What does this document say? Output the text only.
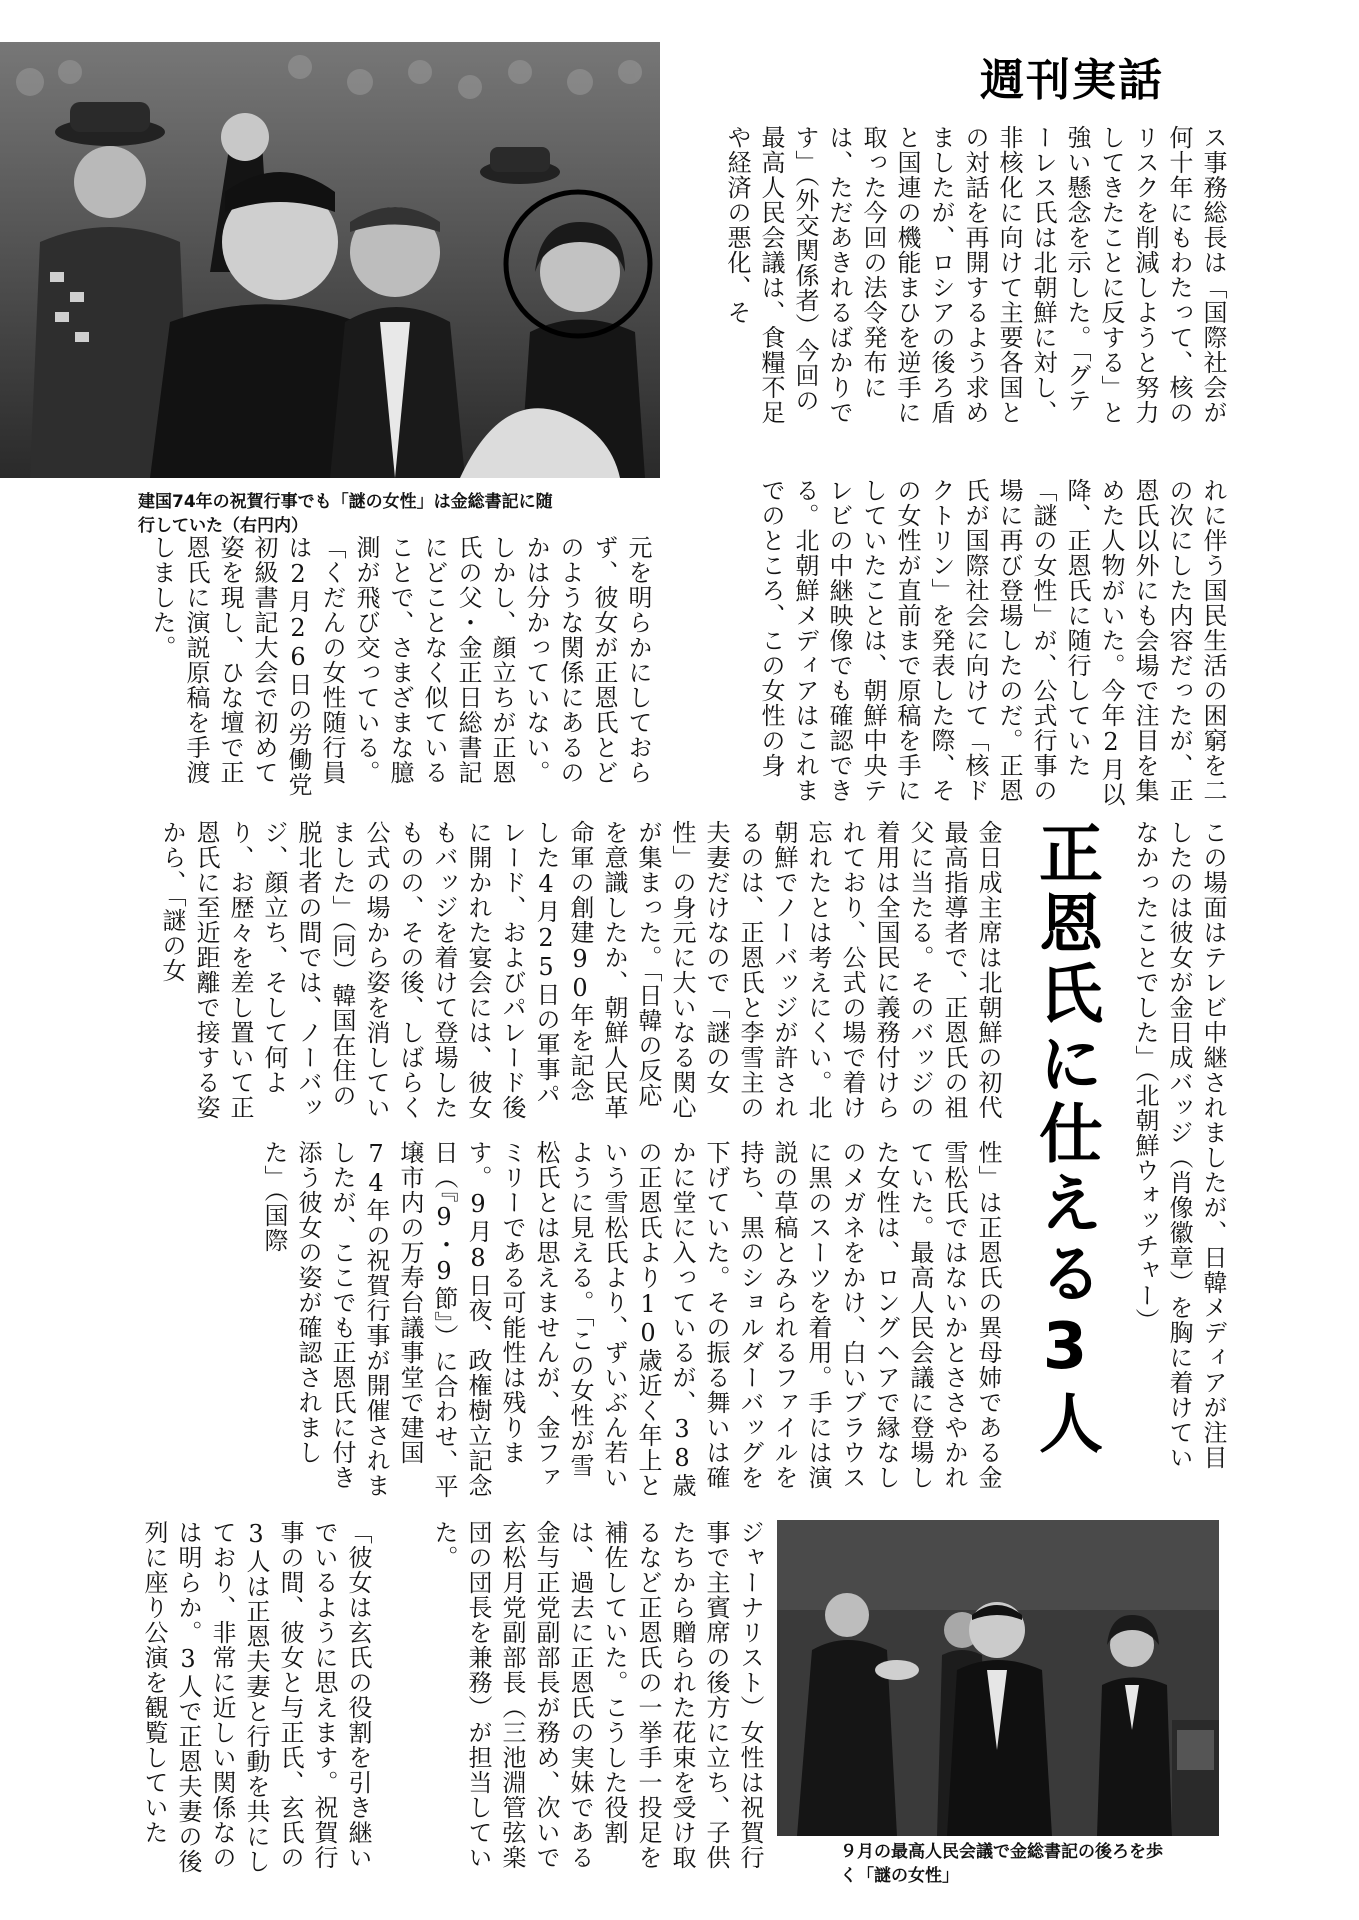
週刊実話
建国74年の祝賀行事でも「謎の女性」は金総書記に随行していた（右円内）
９月の最高人民会議で金総書記の後ろを歩く「謎の女性」
正恩氏に仕える3人
ス事務総長は「国際社会が何十年にもわたって、核のリスクを削減しようと努力してきたことに反する」と強い懸念を示した。「グテーレス氏は北朝鮮に対し、非核化に向けて主要各国との対話を再開するよう求めましたが、ロシアの後ろ盾と国連の機能まひを逆手に取った今回の法令発布には、ただあきれるばかりです」（外交関係者）今回の最高人民会議は、食糧不足や経済の悪化、そ
れに伴う国民生活の困窮を二の次にした内容だったが、正恩氏以外にも会場で注目を集めた人物がいた。今年2月以降、正恩氏に随行していた「謎の女性」が、公式行事の場に再び登場したのだ。正恩氏が国際社会に向けて「核ドクトリン」を発表した際、その女性が直前まで原稿を手にしていたことは、朝鮮中央テレビの中継映像でも確認できる。北朝鮮メディアはこれまでのところ、この女性の身
元を明らかにしておらず、彼女が正恩氏とどのような関係にあるのかは分かっていない。しかし、顔立ちが正恩氏の父・金正日総書記にどことなく似ていることで、さまざまな臆測が飛び交っている。「くだんの女性随行員は2月26日の労働党初級書記大会で初めて姿を現し、ひな壇で正恩氏に演説原稿を手渡しました。
この場面はテレビ中継されましたが、日韓メディアが注目したのは彼女が金日成バッジ（肖像徽章）を胸に着けていなかったことでした」（北朝鮮ウォッチャー）
金日成主席は北朝鮮の初代最高指導者で、正恩氏の祖父に当たる。そのバッジの着用は全国民に義務付けられており、公式の場で着け忘れたとは考えにくい。北朝鮮でノーバッジが許されるのは、正恩氏と李雪主の夫妻だけなので「謎の女性」の身元に大いなる関心が集まった。「日韓の反応を意識したか、朝鮮人民革命軍の創建90年を記念した4月25日の軍事パレード、およびパレード後に開かれた宴会には、彼女もバッジを着けて登場したものの、その後、しばらく公式の場から姿を消していました」（同）韓国在住の脱北者の間では、ノーバッジ、顔立ち、そして何より、お歴々を差し置いて正恩氏に至近距離で接する姿から、「謎の女
性」は正恩氏の異母姉である金雪松氏ではないかとささやかれていた。最高人民会議に登場した女性は、ロングヘアで縁なしのメガネをかけ、白いブラウスに黒のスーツを着用。手には演説の草稿とみられるファイルを持ち、黒のショルダーバッグを下げていた。その振る舞いは確かに堂に入っているが、38歳の正恩氏より10歳近く年上という雪松氏より、ずいぶん若いように見える。「この女性が雪松氏とは思えませんが、金ファミリーである可能性は残ります。9月8日夜、政権樹立記念日（『9・9節』）に合わせ、平壌市内の万寿台議事堂で建国74年の祝賀行事が開催されましたが、ここでも正恩氏に付き添う彼女の姿が確認されました」（国際
ジャーナリスト）女性は祝賀行事で主賓席の後方に立ち、子供たちから贈られた花束を受け取るなど正恩氏の一挙手一投足を補佐していた。こうした役割は、過去に正恩氏の実妹である金与正党副部長が務め、次いで玄松月党副部長（三池淵管弦楽団の団長を兼務）が担当していた。
「彼女は玄氏の役割を引き継いでいるように思えます。祝賀行事の間、彼女と与正氏、玄氏の3人は正恩夫妻と行動を共にしており、非常に近しい関係なのは明らか。3人で正恩夫妻の後列に座り公演を観覧していた
